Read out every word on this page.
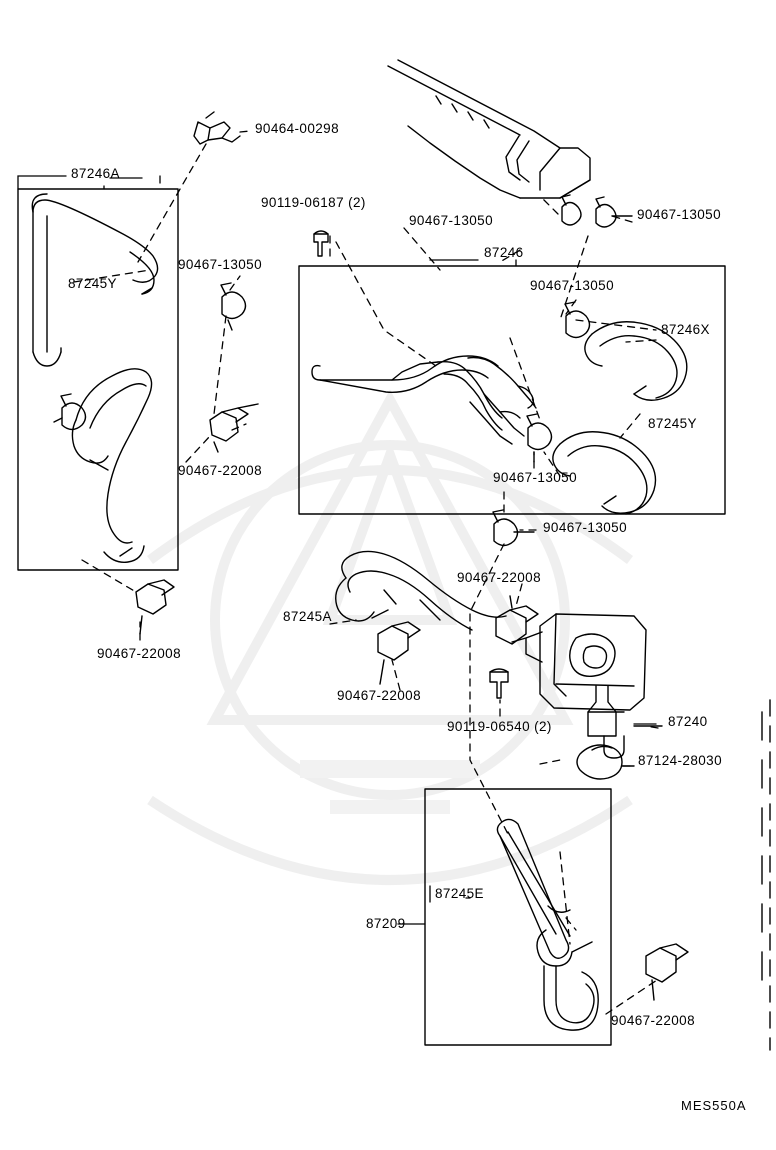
90464-00298
87246A
90119-06187 (2)
90467-13050	90467-13050
87246
90467-13050
87245Y	90467-13050
87246X
87245Y
90467-22008	90467-13050
90467-13050
90467-22008
90467-22008
87245A
90467-22008
90119-06540 (2)	87240
87124-28030
87245E
87209
90467-22008
MES550A
